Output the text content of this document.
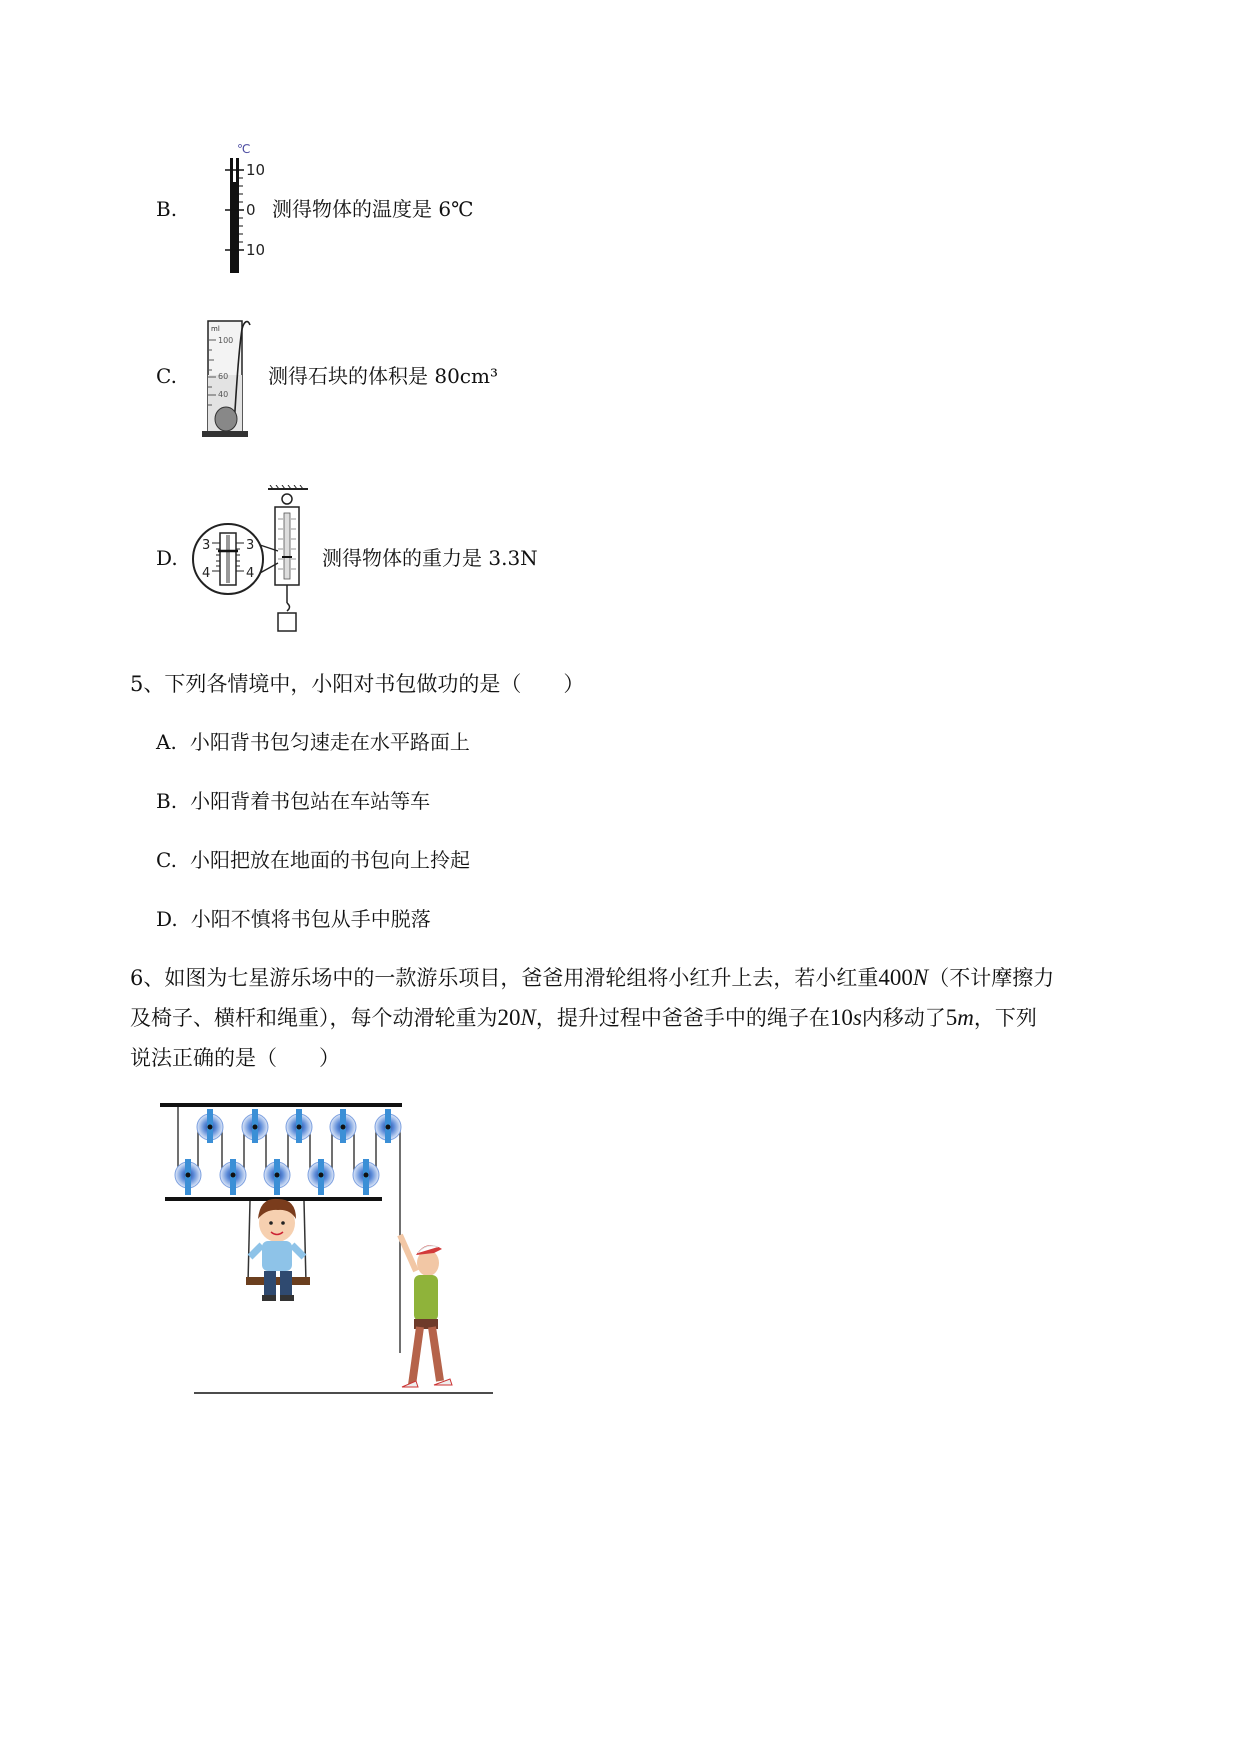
B.
℃
10
0
10
测得物体的温度是 6℃
C.
ml
100
60
40
测得石块的体积是 80cm³
D.
3
4
3
4
测得物体的重力是 3.3N
5、下列各情境中，小阳对书包做功的是（　　）
A. 小阳背书包匀速走在水平路面上
B. 小阳背着书包站在车站等车
C. 小阳把放在地面的书包向上拎起
D. 小阳不慎将书包从手中脱落
6、如图为七星游乐场中的一款游乐项目，爸爸用滑轮组将小红升上去，若小红重400N（不计摩擦力
及椅子、横杆和绳重），每个动滑轮重为20N，提升过程中爸爸手中的绳子在10s内移动了5m，下列
说法正确的是（　　）
